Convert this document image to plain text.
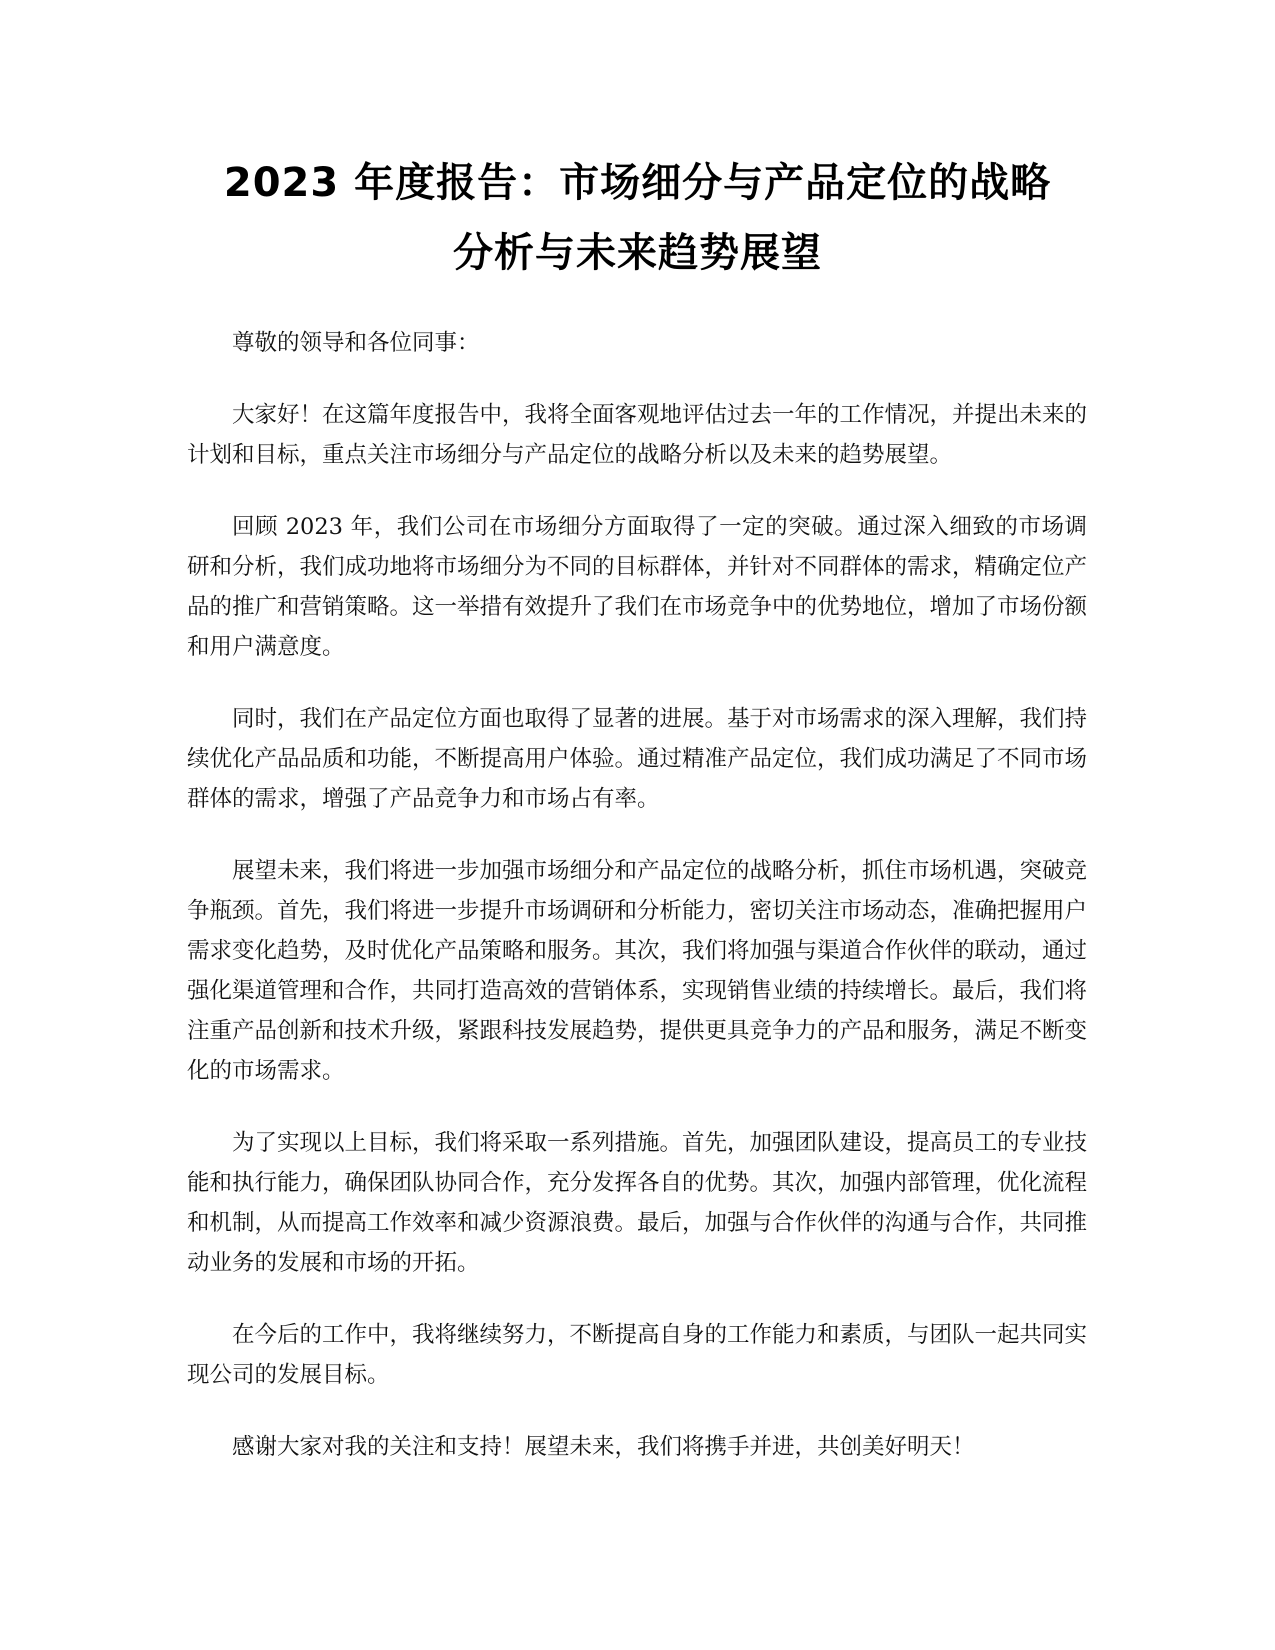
2023 年度报告：市场细分与产品定位的战略
分析与未来趋势展望

尊敬的领导和各位同事：

大家好！在这篇年度报告中，我将全面客观地评估过去一年的工作情况，并提出未来的计划和目标，重点关注市场细分与产品定位的战略分析以及未来的趋势展望。

回顾 2023 年，我们公司在市场细分方面取得了一定的突破。通过深入细致的市场调研和分析，我们成功地将市场细分为不同的目标群体，并针对不同群体的需求，精确定位产品的推广和营销策略。这一举措有效提升了我们在市场竞争中的优势地位，增加了市场份额和用户满意度。

同时，我们在产品定位方面也取得了显著的进展。基于对市场需求的深入理解，我们持续优化产品品质和功能，不断提高用户体验。通过精准产品定位，我们成功满足了不同市场群体的需求，增强了产品竞争力和市场占有率。

展望未来，我们将进一步加强市场细分和产品定位的战略分析，抓住市场机遇，突破竞争瓶颈。首先，我们将进一步提升市场调研和分析能力，密切关注市场动态，准确把握用户需求变化趋势，及时优化产品策略和服务。其次，我们将加强与渠道合作伙伴的联动，通过强化渠道管理和合作，共同打造高效的营销体系，实现销售业绩的持续增长。最后，我们将注重产品创新和技术升级，紧跟科技发展趋势，提供更具竞争力的产品和服务，满足不断变化的市场需求。

为了实现以上目标，我们将采取一系列措施。首先，加强团队建设，提高员工的专业技能和执行能力，确保团队协同合作，充分发挥各自的优势。其次，加强内部管理，优化流程和机制，从而提高工作效率和减少资源浪费。最后，加强与合作伙伴的沟通与合作，共同推动业务的发展和市场的开拓。

在今后的工作中，我将继续努力，不断提高自身的工作能力和素质，与团队一起共同实现公司的发展目标。

感谢大家对我的关注和支持！展望未来，我们将携手并进，共创美好明天！
